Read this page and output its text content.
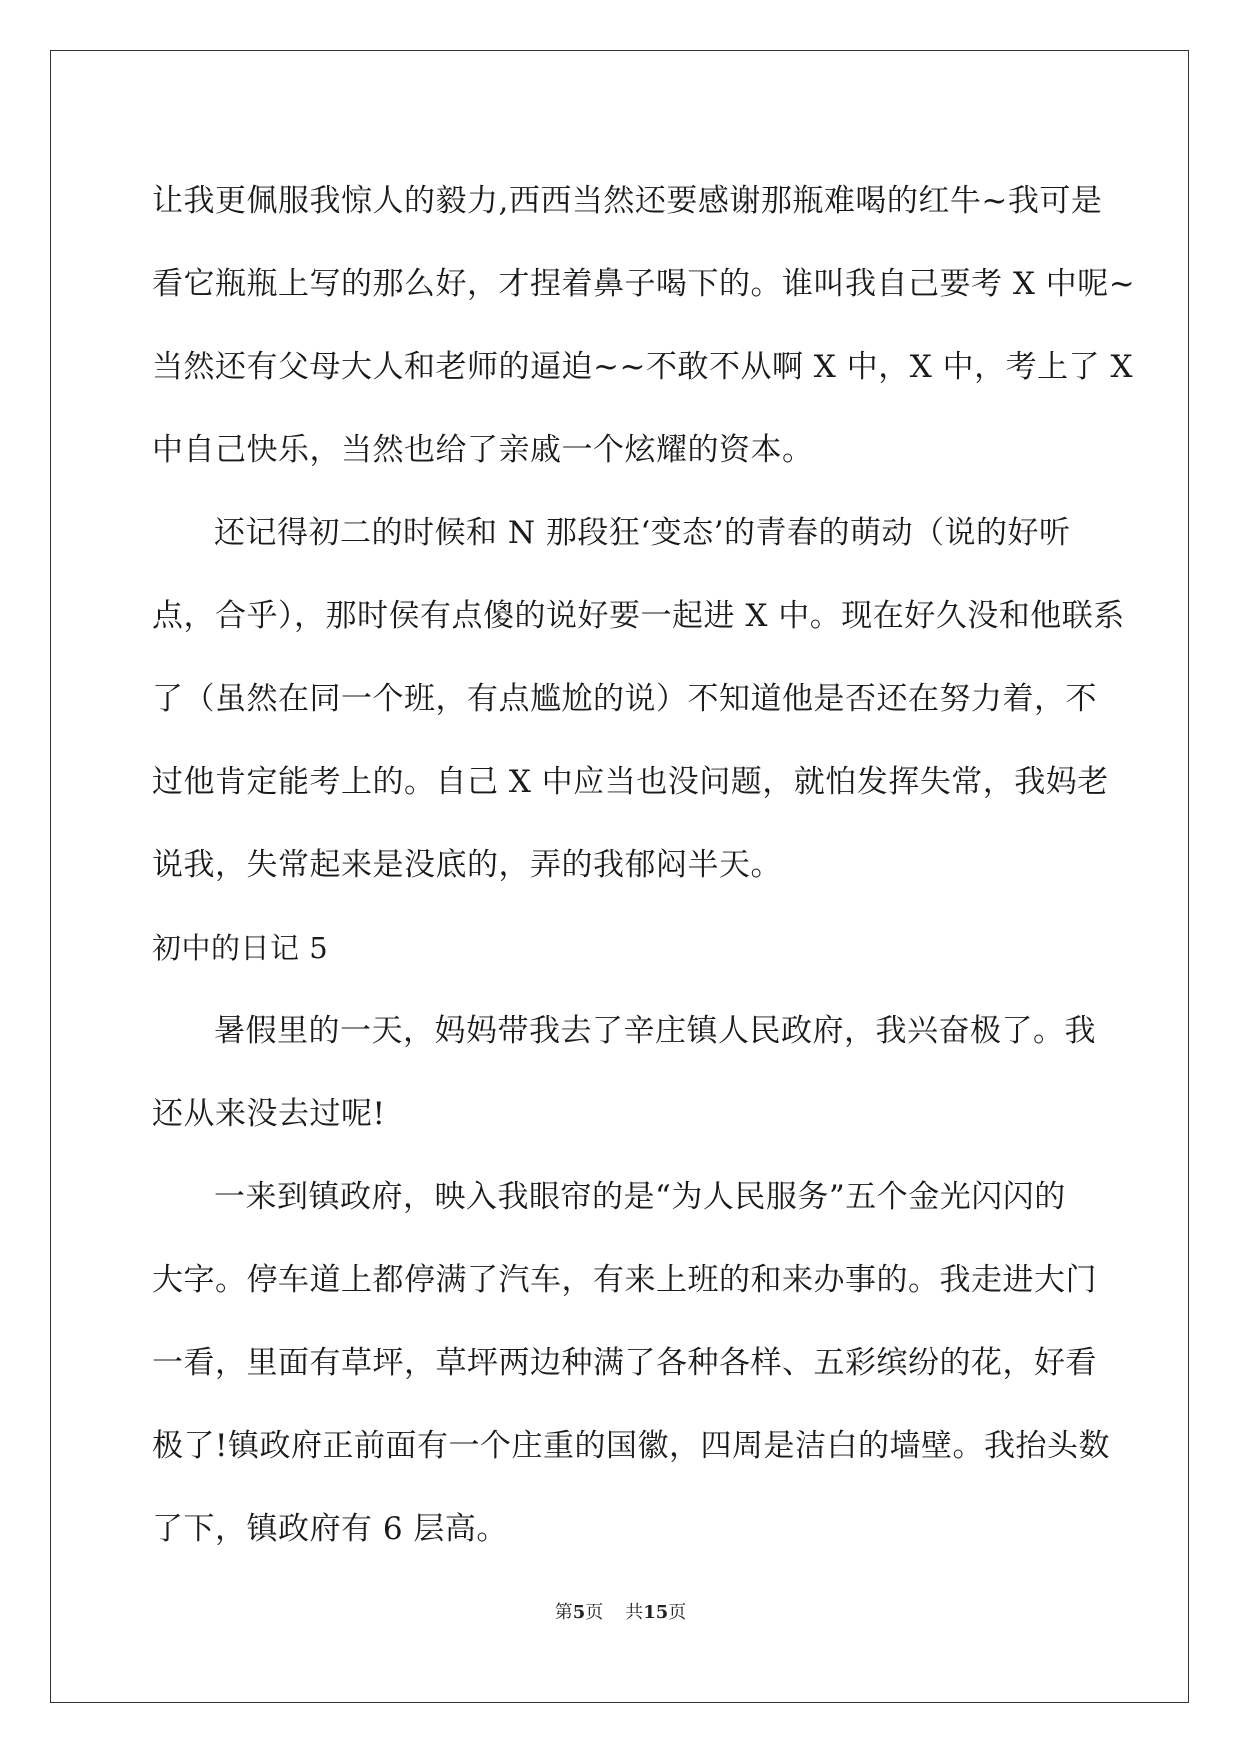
让我更佩服我惊人的毅力,西西当然还要感谢那瓶难喝的红牛~我可是
看它瓶瓶上写的那么好，才捏着鼻子喝下的。谁叫我自己要考 X 中呢~
当然还有父母大人和老师的逼迫~~不敢不从啊 X 中，X 中，考上了 X
中自己快乐，当然也给了亲戚一个炫耀的资本。
还记得初二的时候和 N 那段狂‘变态’的青春的萌动（说的好听
点，合乎），那时侯有点傻的说好要一起进 X 中。现在好久没和他联系
了（虽然在同一个班，有点尴尬的说）不知道他是否还在努力着，不
过他肯定能考上的。自己 X 中应当也没问题，就怕发挥失常，我妈老
说我，失常起来是没底的，弄的我郁闷半天。
初中的日记 5
暑假里的一天，妈妈带我去了辛庄镇人民政府，我兴奋极了。我
还从来没去过呢!
一来到镇政府，映入我眼帘的是“为人民服务”五个金光闪闪的
大字。停车道上都停满了汽车，有来上班的和来办事的。我走进大门
一看，里面有草坪，草坪两边种满了各种各样、五彩缤纷的花，好看
极了!镇政府正前面有一个庄重的国徽，四周是洁白的墙壁。我抬头数
了下，镇政府有 6 层高。
第5页 共15页
